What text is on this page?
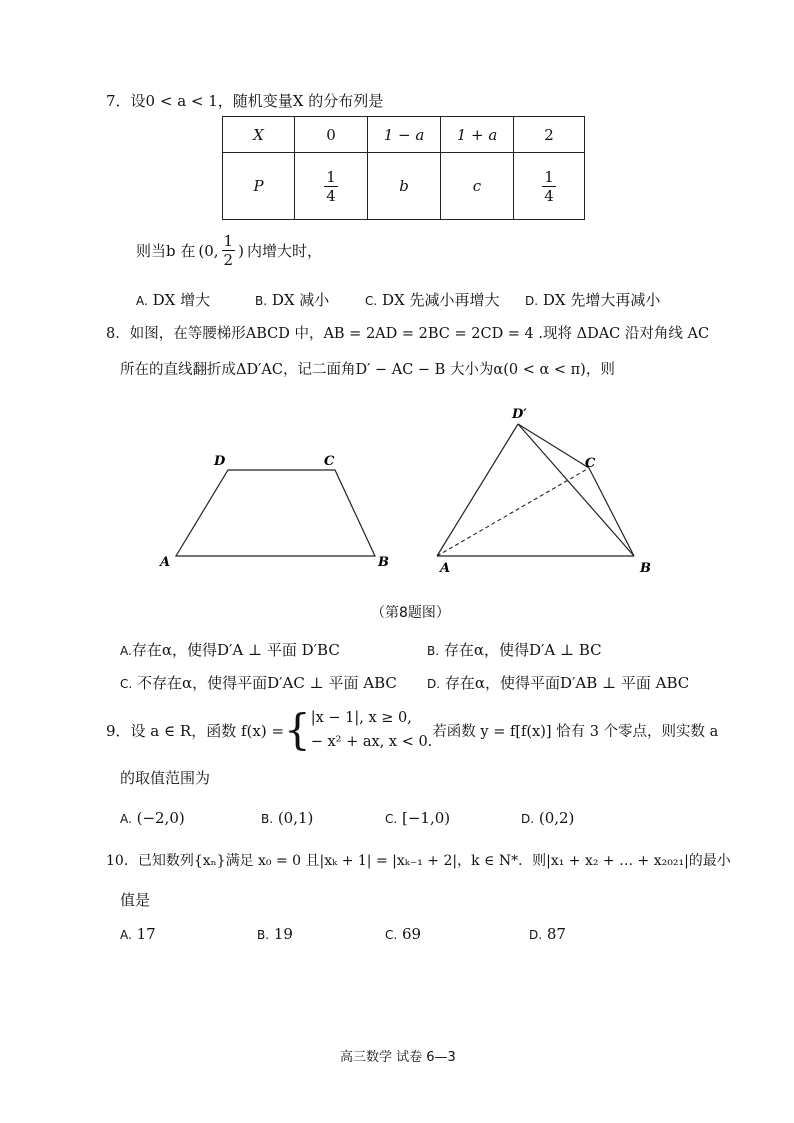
7．设0 < a < 1，随机变量X 的分布列是
X	0	1 − a	1 + a	2
P	$\frac{1}{4}$	b	c	$\frac{1}{4}$
则当b 在 (0, $\frac{1}{2}$ ) 内增大时，
A. DX 增大	B. DX 减小	C. DX 先减小再增大 D. DX 先增大再减小
8．如图，在等腰梯形ABCD 中，AB = 2AD = 2BC = 2CD = 4 .现将 ΔDAC 沿对角线 AC
所在的直线翻折成ΔD′AC，记二面角D′ − AC − B 大小为α(0 < α < π)，则
A	B
C
D
A	B
C
D′
（第8题图）
A.存在α，使得D′A ⊥ 平面 D′BC	B. 存在α，使得D′A ⊥ BC
C. 不存在α，使得平面D′AC ⊥ 平面 ABC	D. 存在α，使得平面D′AB ⊥ 平面 ABC
9．设 a ∈ R，函数 f(x) = { |x − 1|, x ≥ 0,
− x² + ax, x < 0.
若函数 y = f[f(x)] 恰有 3 个零点，则实数 a
的取值范围为
A. (−2,0)	B. (0,1)	C. [−1,0)	D. (0,2)
10．已知数列{xₙ}满足 x₀ = 0 且|xₖ + 1| = |xₖ₋₁ + 2|，k ∈ N*．则|x₁ + x₂ + … + x₂₀₂₁|的最小
值是
A. 17	B. 19	C. 69	D. 87
高三数学 试卷 6—3
